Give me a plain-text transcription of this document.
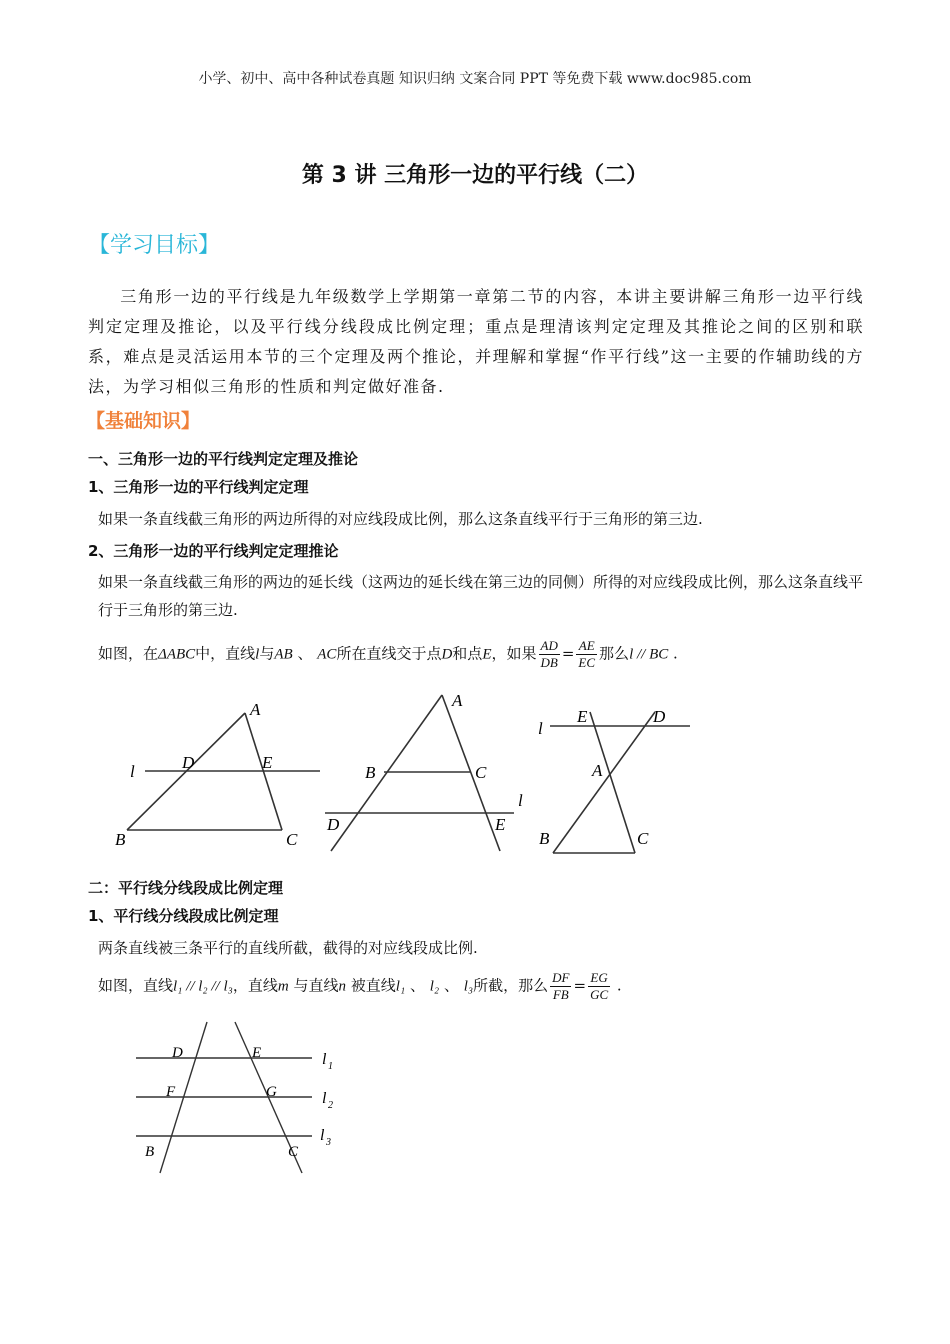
小学、初中、高中各种试卷真题 知识归纳 文案合同 PPT 等免费下载 www.doc985.com
第 3 讲 三角形一边的平行线（二）
【学习目标】
三角形一边的平行线是九年级数学上学期第一章第二节的内容，本讲主要讲解三角形一边平行线判定定理及推论，以及平行线分线段成比例定理；重点是理清该判定定理及其推论之间的区别和联系，难点是灵活运用本节的三个定理及两个推论，并理解和掌握“作平行线”这一主要的作辅助线的方法，为学习相似三角形的性质和判定做好准备.
【基础知识】
一、三角形一边的平行线判定定理及推论
1、三角形一边的平行线判定定理
如果一条直线截三角形的两边所得的对应线段成比例，那么这条直线平行于三角形的第三边.
2、三角形一边的平行线判定定理推论
如果一条直线截三角形的两边的延长线（这两边的延长线在第三边的同侧）所得的对应线段成比例，那么这条直线平行于三角形的第三边.
如图，在ΔABC中，直线l与AB 、 AC所在直线交于点D和点E，如果 $\frac{AD}{DB} = \frac{AE}{EC}$ 那么l // BC .
A
D	E
l
B	C
A
B	C
l
D	E
E	D
l
A
B	C
二：平行线分线段成比例定理
1、平行线分线段成比例定理
两条直线被三条平行的直线所截，截得的对应线段成比例.
如图，直线l₁ // l₂ // l₃，直线m 与直线n 被直线l₁ 、 l₂ 、 l₃所截，那么 $\frac{DF}{FB} = \frac{EG}{GC}$ .
D	E
F	G
B	C
l 1
l 2
l 3
